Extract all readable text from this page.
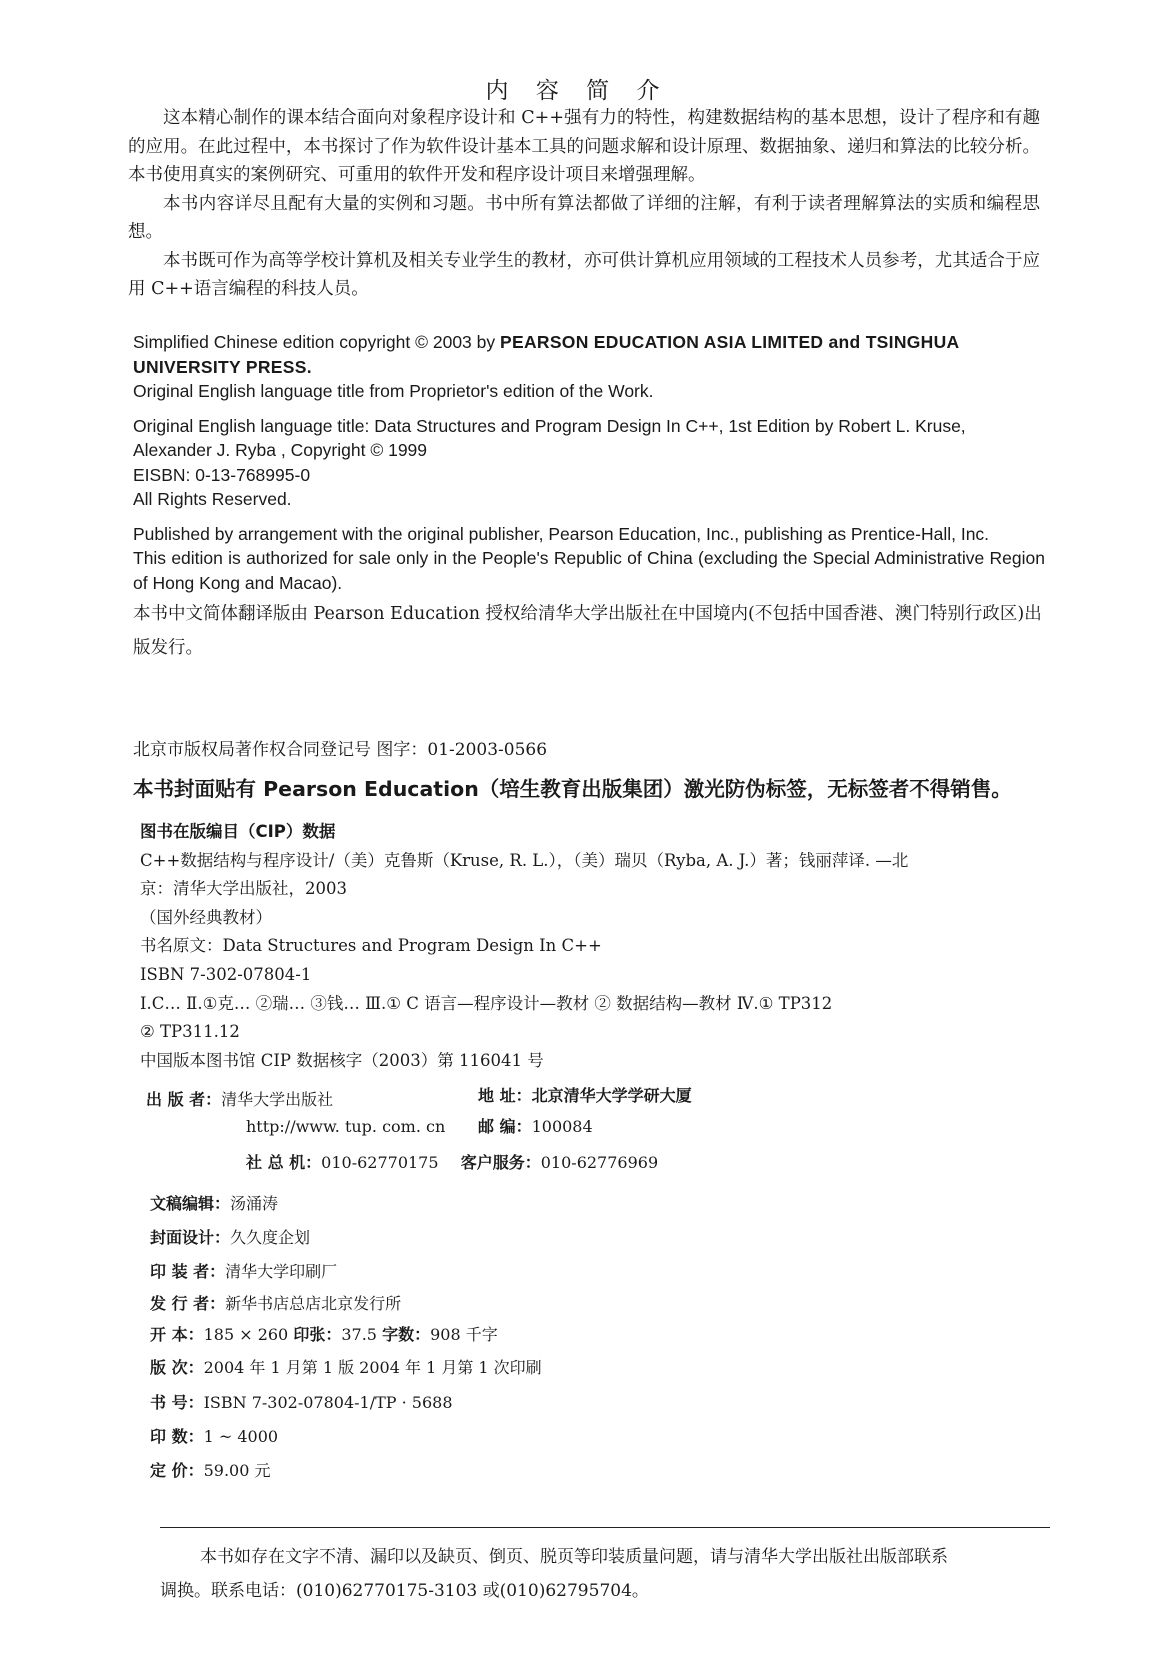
内 容 简 介

这本精心制作的课本结合面向对象程序设计和 C++强有力的特性，构建数据结构的基本思想，设计了程序和有趣的应用。在此过程中，本书探讨了作为软件设计基本工具的问题求解和设计原理、数据抽象、递归和算法的比较分析。本书使用真实的案例研究、可重用的软件开发和程序设计项目来增强理解。

本书内容详尽且配有大量的实例和习题。书中所有算法都做了详细的注解，有利于读者理解算法的实质和编程思想。

本书既可作为高等学校计算机及相关专业学生的教材，亦可供计算机应用领域的工程技术人员参考，尤其适合于应用 C++语言编程的科技人员。

Simplified Chinese edition copyright © 2003 by PEARSON EDUCATION ASIA LIMITED and TSINGHUA UNIVERSITY PRESS.

Original English language title from Proprietor's edition of the Work.

Original English language title: Data Structures and Program Design In C++, 1st Edition by Robert L. Kruse, Alexander J. Ryba , Copyright © 1999

EISBN: 0-13-768995-0

All Rights Reserved.

Published by arrangement with the original publisher, Pearson Education, Inc., publishing as Prentice-Hall, Inc.

This edition is authorized for sale only in the People's Republic of China (excluding the Special Administrative Region of Hong Kong and Macao).

本书中文简体翻译版由 Pearson Education 授权给清华大学出版社在中国境内(不包括中国香港、澳门特别行政区)出版发行。

北京市版权局著作权合同登记号 图字：01-2003-0566
本书封面贴有 Pearson Education（培生教育出版集团）激光防伪标签，无标签者不得销售。
图书在版编目（CIP）数据
C++数据结构与程序设计/（美）克鲁斯（Kruse, R. L.），（美）瑞贝（Ryba, A. J.）著；钱丽萍译. —北
京：清华大学出版社，2003
（国外经典教材）
书名原文：Data Structures and Program Design In C++
ISBN 7-302-07804-1
Ⅰ.C… Ⅱ.①克… ②瑞… ③钱… Ⅲ.① C 语言—程序设计—教材 ② 数据结构—教材 Ⅳ.① TP312
② TP311.12
中国版本图书馆 CIP 数据核字（2003）第 116041 号
出 版 者：清华大学出版社	地 址：北京清华大学学研大厦
http://www. tup. com. cn 邮 编：100084
社 总 机：010-62770175 客户服务：010-62776969
文稿编辑：汤涌涛
封面设计：久久度企划
印 装 者：清华大学印刷厂
发 行 者：新华书店总店北京发行所
开 本：185 × 260 印张：37.5 字数：908 千字
版 次：2004 年 1 月第 1 版 2004 年 1 月第 1 次印刷
书 号：ISBN 7-302-07804-1/TP · 5688
印 数：1 ~ 4000
定 价：59.00 元
本书如存在文字不清、漏印以及缺页、倒页、脱页等印装质量问题，请与清华大学出版社出版部联系
调换。联系电话：(010)62770175-3103 或(010)62795704。
